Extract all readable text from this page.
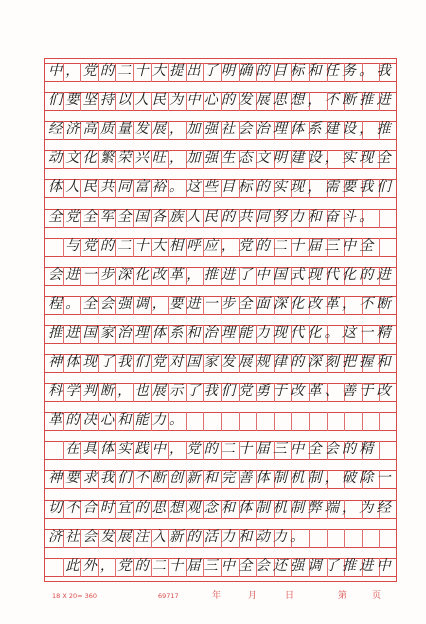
中，党的二十大提出了明确的目标和任务。我
们要坚持以人民为中心的发展思想，不断推进
经济高质量发展，加强社会治理体系建设，推
动文化繁荣兴旺，加强生态文明建设，实现全
体人民共同富裕。这些目标的实现，需要我们
全党全军全国各族人民的共同努力和奋斗。
　与党的二十大相呼应，党的二十届三中全
会进一步深化改革，推进了中国式现代化的进
程。全会强调，要进一步全面深化改革，不断
推进国家治理体系和治理能力现代化。这一精
神体现了我们党对国家发展规律的深刻把握和
科学判断，也展示了我们党勇于改革、善于改
革的决心和能力。
　在具体实践中，党的二十届三中全会的精
神要求我们不断创新和完善体制机制，破除一
切不合时宜的思想观念和体制机制弊端，为经
济社会发展注入新的活力和动力。
　此外，党的二十届三中全会还强调了推进中
18 X 20= 360	69717	年	月	日	第	页
